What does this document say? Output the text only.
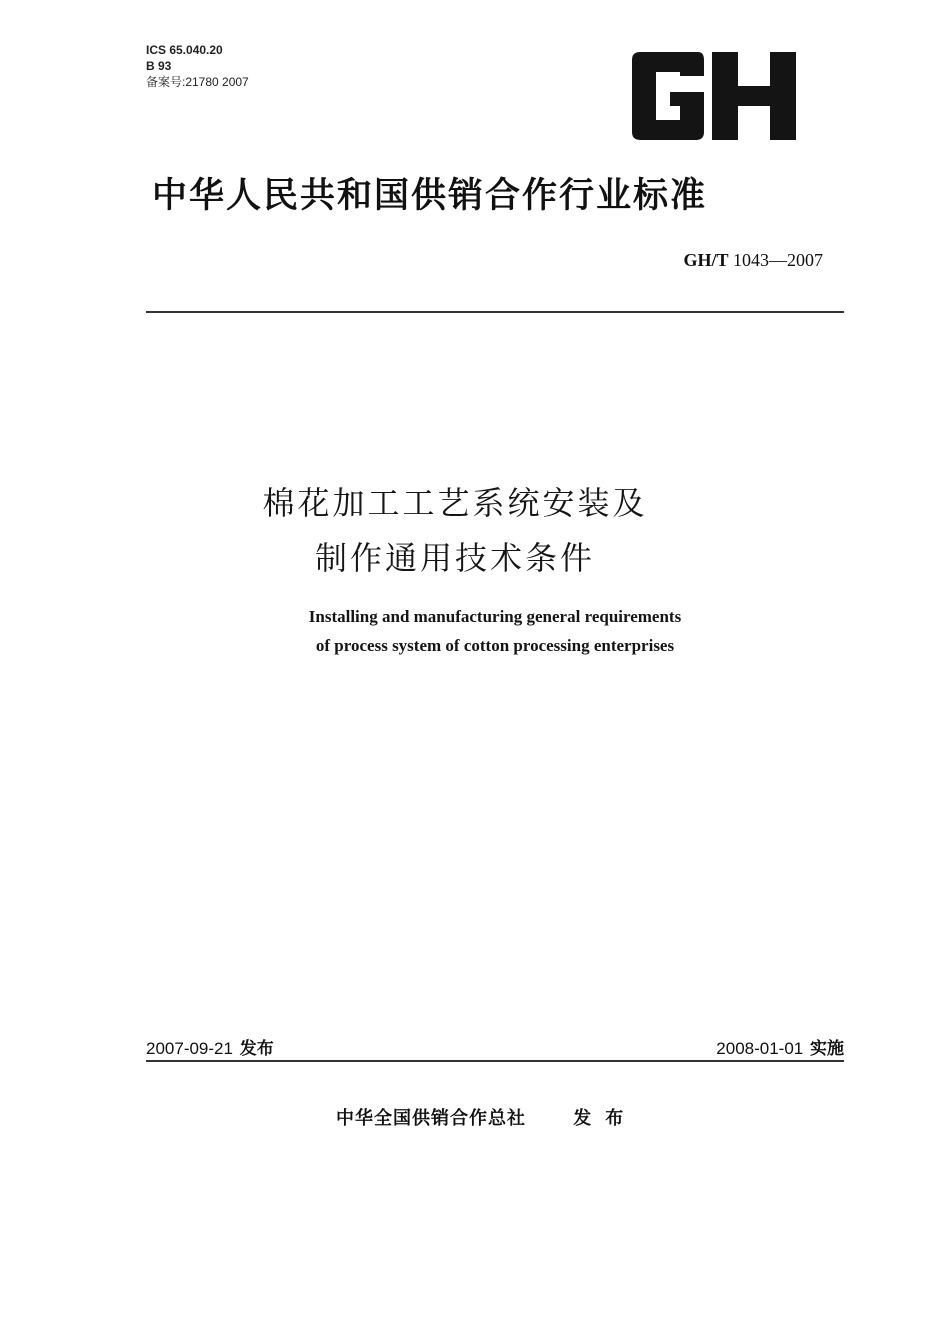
ICS 65.040.20
B 93
备案号:21780 2007
中华人民共和国供销合作行业标准
GH/T 1043—2007
棉花加工工艺系统安装及
制作通用技术条件
Installing and manufacturing general requirements
of process system of cotton processing enterprises
2007-09-21 发布	2008-01-01 实施
中华全国供销合作总社	发布
